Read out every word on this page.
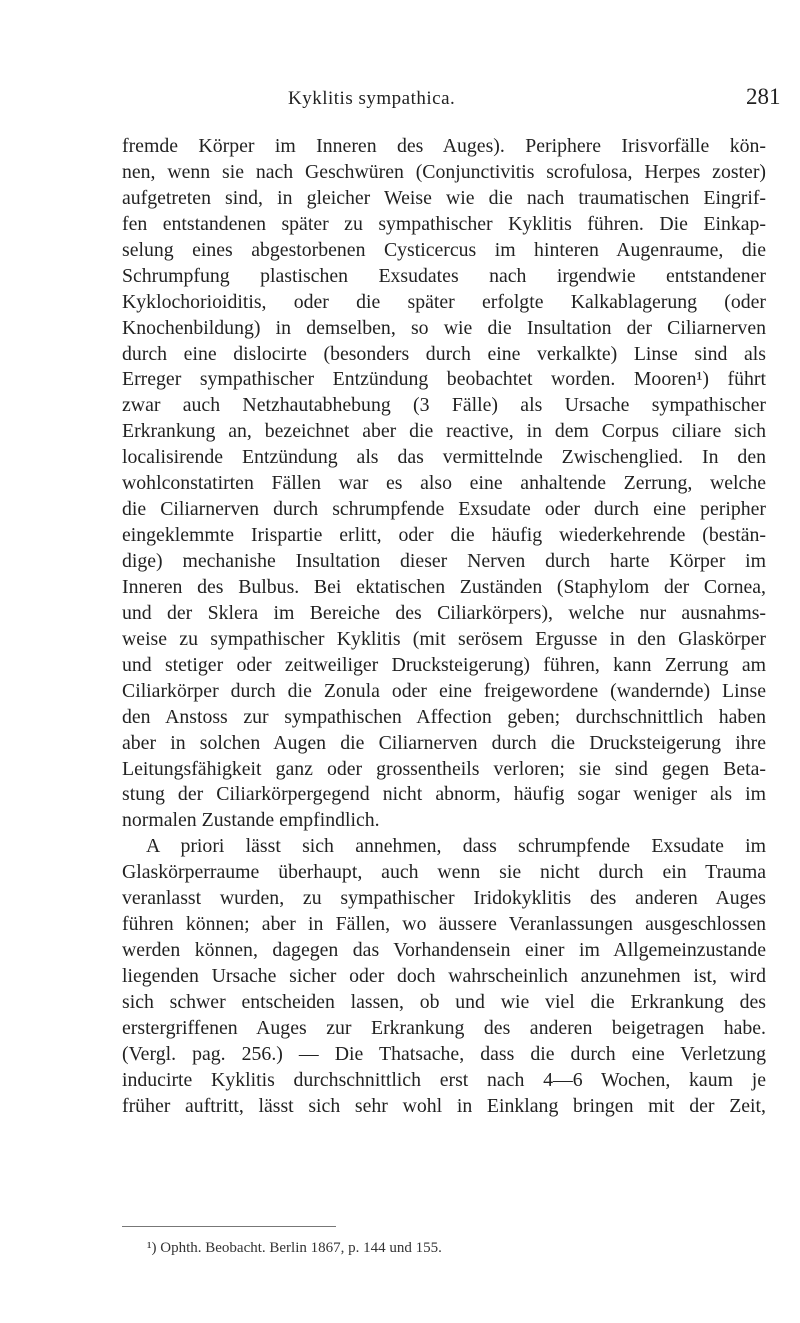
Kyklitis sympathica.	281
fremde Körper im Inneren des Auges). Periphere Irisvorfälle kön-
nen, wenn sie nach Geschwüren (Conjunctivitis scrofulosa, Herpes zoster)
aufgetreten sind, in gleicher Weise wie die nach traumatischen Eingrif-
fen entstandenen später zu sympathischer Kyklitis führen. Die Einkap-
selung eines abgestorbenen Cysticercus im hinteren Augenraume, die
Schrumpfung plastischen Exsudates nach irgendwie entstandener
Kyklochorioiditis, oder die später erfolgte Kalkablagerung (oder
Knochenbildung) in demselben, so wie die Insultation der Ciliarnerven
durch eine dislocirte (besonders durch eine verkalkte) Linse sind als
Erreger sympathischer Entzündung beobachtet worden. Mooren¹) führt
zwar auch Netzhautabhebung (3 Fälle) als Ursache sympathischer
Erkrankung an, bezeichnet aber die reactive, in dem Corpus ciliare sich
localisirende Entzündung als das vermittelnde Zwischenglied. In den
wohlconstatirten Fällen war es also eine anhaltende Zerrung, welche
die Ciliarnerven durch schrumpfende Exsudate oder durch eine peripher
eingeklemmte Irispartie erlitt, oder die häufig wiederkehrende (bestän-
dige) mechanishe Insultation dieser Nerven durch harte Körper im
Inneren des Bulbus. Bei ektatischen Zuständen (Staphylom der Cornea,
und der Sklera im Bereiche des Ciliarkörpers), welche nur ausnahms-
weise zu sympathischer Kyklitis (mit serösem Ergusse in den Glaskörper
und stetiger oder zeitweiliger Drucksteigerung) führen, kann Zerrung am
Ciliarkörper durch die Zonula oder eine freigewordene (wandernde) Linse
den Anstoss zur sympathischen Affection geben; durchschnittlich haben
aber in solchen Augen die Ciliarnerven durch die Drucksteigerung ihre
Leitungsfähigkeit ganz oder grossentheils verloren; sie sind gegen Beta-
stung der Ciliarkörpergegend nicht abnorm, häufig sogar weniger als im
normalen Zustande empfindlich.
A priori lässt sich annehmen, dass schrumpfende Exsudate im
Glaskörperraume überhaupt, auch wenn sie nicht durch ein Trauma
veranlasst wurden, zu sympathischer Iridokyklitis des anderen Auges
führen können; aber in Fällen, wo äussere Veranlassungen ausgeschlossen
werden können, dagegen das Vorhandensein einer im Allgemeinzustande
liegenden Ursache sicher oder doch wahrscheinlich anzunehmen ist, wird
sich schwer entscheiden lassen, ob und wie viel die Erkrankung des
erstergriffenen Auges zur Erkrankung des anderen beigetragen habe.
(Vergl. pag. 256.) — Die Thatsache, dass die durch eine Verletzung
inducirte Kyklitis durchschnittlich erst nach 4—6 Wochen, kaum je
früher auftritt, lässt sich sehr wohl in Einklang bringen mit der Zeit,
¹) Ophth. Beobacht. Berlin 1867, p. 144 und 155.
